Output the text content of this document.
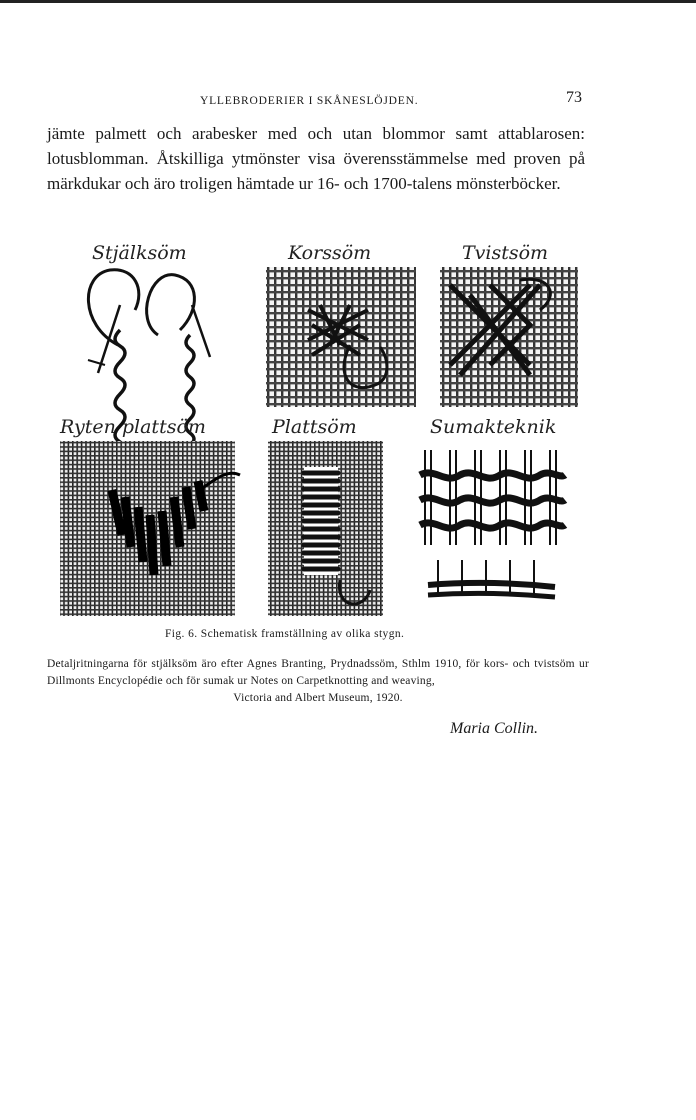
YLLEBRODERIER I SKÅNESLÖJDEN.	73

jämte palmett och arabesker med och utan blommor samt attablarosen: lotusblomman. Åtskilliga ytmönster visa överensstämmelse med proven på märkdukar och äro troligen hämtade ur 16- och 1700-talens mönsterböcker.

Stjälksöm	Korssöm	Tvistsöm
Ryten plattsöm	Plattsöm	Sumakteknik
Fig. 6. Schematisk framställning av olika stygn.

Detaljritningarna för stjälksöm äro efter Agnes Branting, Prydnadssöm, Sthlm 1910, för kors- och tvistsöm ur Dillmonts Encyclopédie och för sumak ur Notes on Carpetknotting and weaving,
Victoria and Albert Museum, 1920.

Maria Collin.
